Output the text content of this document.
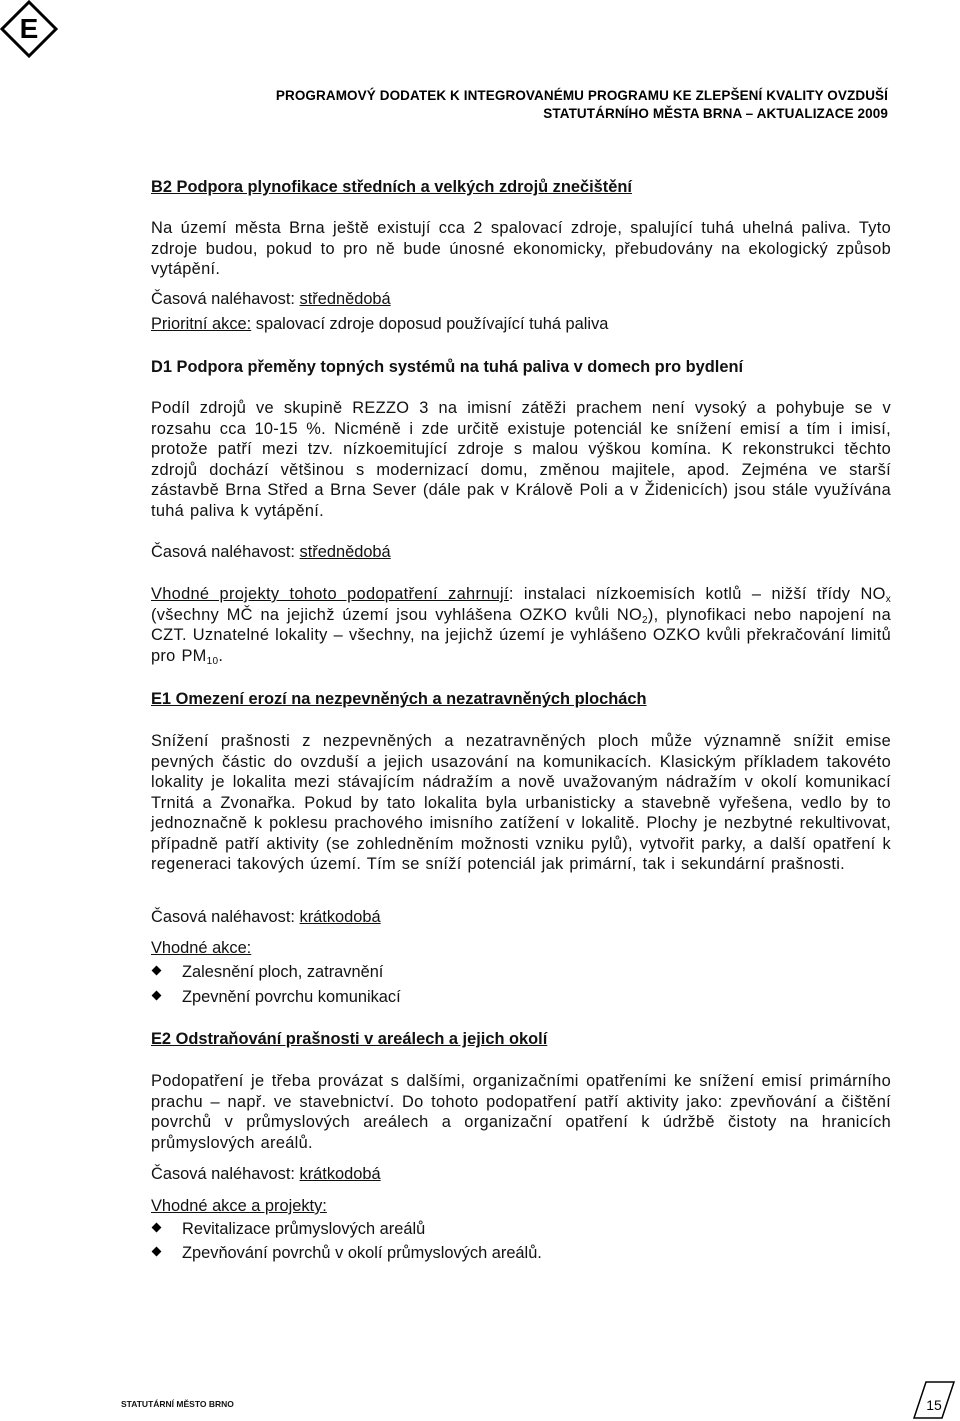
E
PROGRAMOVÝ DODATEK K INTEGROVANÉMU PROGRAMU KE ZLEPŠENÍ KVALITY OVZDUŠÍ
STATUTÁRNÍHO MĚSTA BRNA – AKTUALIZACE 2009

B2 Podpora plynofikace středních a velkých zdrojů znečištění

Na území města Brna ještě existují cca 2 spalovací zdroje, spalující tuhá uhelná paliva. Tyto zdroje budou, pokud to pro ně bude únosné ekonomicky, přebudovány na ekologický způsob vytápění.

Časová naléhavost: střednědobá

Prioritní akce: spalovací zdroje doposud používající tuhá paliva

D1 Podpora přeměny topných systémů na tuhá paliva v domech pro bydlení

Podíl zdrojů ve skupině REZZO 3 na imisní zátěži prachem není vysoký a pohybuje se v rozsahu cca 10-15 %. Nicméně i zde určitě existuje potenciál ke snížení emisí a tím i imisí, protože patří mezi tzv. nízkoemitující zdroje s malou výškou komína. K rekonstrukci těchto zdrojů dochází většinou s modernizací domu, změnou majitele, apod. Zejména ve starší zástavbě Brna Střed a Brna Sever (dále pak v Králově Poli a v Židenicích) jsou stále využívána tuhá paliva k vytápění.

Časová naléhavost: střednědobá

Vhodné projekty tohoto podopatření zahrnují: instalaci nízkoemisích kotlů – nižší třídy $NO_x$ (všechny MČ na jejichž území jsou vyhlášena OZKO kvůli $NO_2$), plynofikaci nebo napojení na CZT. Uznatelné lokality – všechny, na jejichž území je vyhlášeno OZKO kvůli překračování limitů pro $PM_{10}$.

E1 Omezení erozí na nezpevněných a nezatravněných plochách

Snížení prašnosti z nezpevněných a nezatravněných ploch může významně snížit emise pevných částic do ovzduší a jejich usazování na komunikacích. Klasickým příkladem takovéto lokality je lokalita mezi stávajícím nádražím a nově uvažovaným nádražím v okolí komunikací Trnitá a Zvonařka. Pokud by tato lokalita byla urbanisticky a stavebně vyřešena, vedlo by to jednoznačně k poklesu prachového imisního zatížení v lokalitě. Plochy je nezbytné rekultivovat, případně patří aktivity (se zohledněním možnosti vzniku pylů), vytvořit parky, a další opatření k regeneraci takových území. Tím se sníží potenciál jak primární, tak i sekundární prašnosti.

Časová naléhavost: krátkodobá

Vhodné akce:

Zalesnění ploch, zatravnění
Zpevnění povrchu komunikací

E2 Odstraňování prašnosti v areálech a jejich okolí

Podopatření je třeba provázat s dalšími, organizačními opatřeními ke snížení emisí primárního prachu – např. ve stavebnictví. Do tohoto podopatření patří aktivity jako: zpevňování a čištění povrchů v průmyslových areálech a organizační opatření k údržbě čistoty na hranicích průmyslových areálů.

Časová naléhavost: krátkodobá

Vhodné akce a projekty:

Revitalizace průmyslových areálů
Zpevňování povrchů v okolí průmyslových areálů.
STATUTÁRNÍ MĚSTO BRNO	15
